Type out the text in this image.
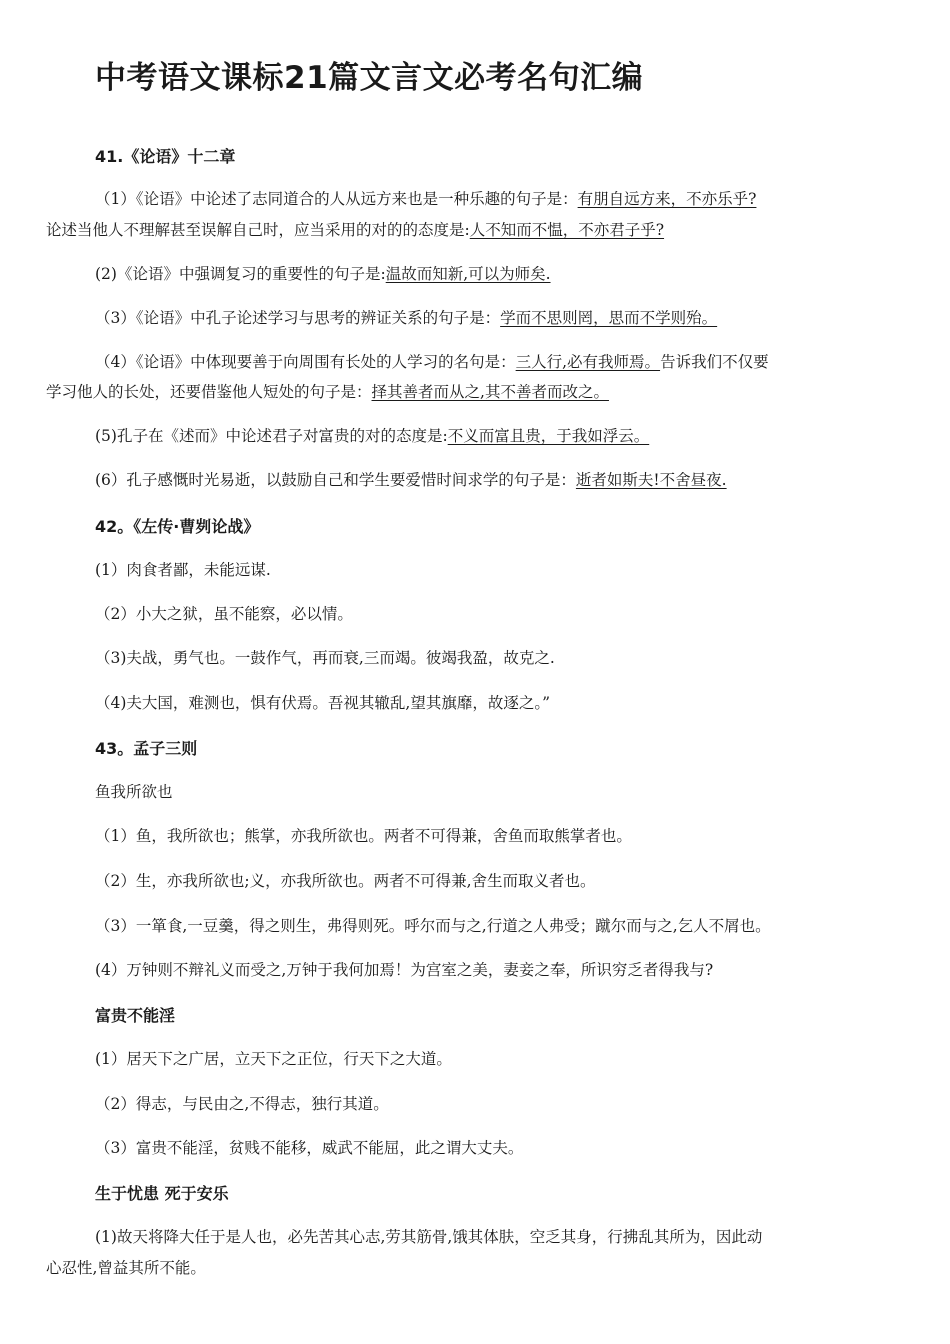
中考语文课标21篇文言文必考名句汇编
41.《论语》十二章
（1）《论语》中论述了志同道合的人从远方来也是一种乐趣的句子是：有朋自远方来，不亦乐乎?
论述当他人不理解甚至误解自己时，应当采用的对的的态度是:人不知而不愠，不亦君子乎?
(2)《论语》中强调复习的重要性的句子是:温故而知新,可以为师矣.
（3）《论语》中孔子论述学习与思考的辨证关系的句子是：学而不思则罔，思而不学则殆。
（4）《论语》中体现要善于向周围有长处的人学习的名句是：三人行,必有我师焉。告诉我们不仅要
学习他人的长处，还要借鉴他人短处的句子是：择其善者而从之,其不善者而改之。
(5)孔子在《述而》中论述君子对富贵的对的态度是:不义而富且贵，于我如浮云。
(6）孔子感慨时光易逝，以鼓励自己和学生要爱惜时间求学的句子是：逝者如斯夫!不舍昼夜.
42。《左传·曹刿论战》
(1）肉食者鄙，未能远谋.
（2）小大之狱，虽不能察，必以情。
（3)夫战，勇气也。一鼓作气，再而衰,三而竭。彼竭我盈，故克之.
（4)夫大国，难测也，惧有伏焉。吾视其辙乱,望其旗靡，故逐之。”
43。孟子三则
鱼我所欲也
（1）鱼，我所欲也；熊掌，亦我所欲也。两者不可得兼，舍鱼而取熊掌者也。
（2）生，亦我所欲也;义，亦我所欲也。两者不可得兼,舍生而取义者也。
（3）一箪食,一豆羹，得之则生，弗得则死。呼尔而与之,行道之人弗受；蹴尔而与之,乞人不屑也。
(4）万钟则不辩礼义而受之,万钟于我何加焉！为宫室之美，妻妾之奉，所识穷乏者得我与?
富贵不能淫
(1）居天下之广居，立天下之正位，行天下之大道。
（2）得志，与民由之,不得志，独行其道。
（3）富贵不能淫，贫贱不能移，威武不能屈，此之谓大丈夫。
生于忧患 死于安乐
(1)故天将降大任于是人也，必先苦其心志,劳其筋骨,饿其体肤，空乏其身，行拂乱其所为，因此动
心忍性,曾益其所不能。
